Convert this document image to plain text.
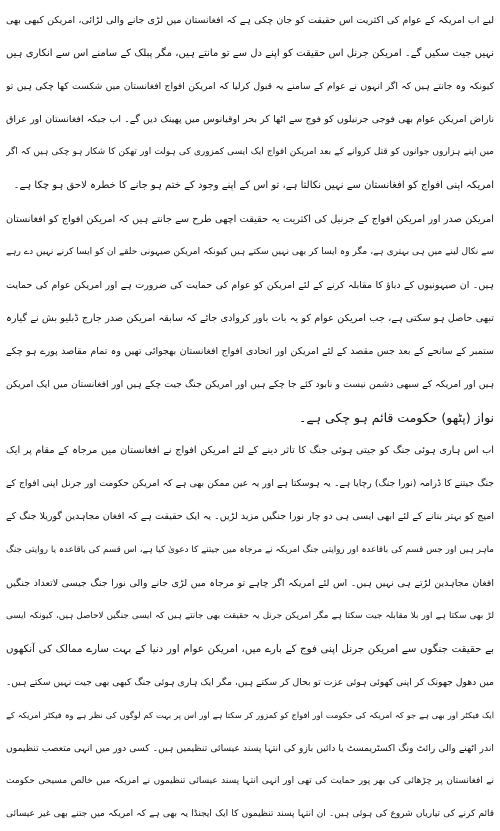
لیے اب امریکہ کے عوام کی اکثریت اس حقیقت کو جان چکی ہے کہ افغانستان میں لڑی جانے والی لڑائی، امریکن کبھی بھی
نہیں جیت سکیں گے۔ امریکن جرنل اس حقیقت کو اپنے دل سے تو مانتے ہیں، مگر پبلک کے سامنے اس سے انکاری ہیں
کیونکہ وہ جانتے ہیں کہ اگر انہوں نے عوام کے سامنے یہ قبول کرلیا کہ امریکن افواج افغانستان میں شکست کھا چکی ہیں تو
ناراض امریکن عوام بھی فوجی جرنیلوں کو فوج سے اٹھا کر بحر اوقیانوس میں پھینک دیں گے۔ اب جبکہ افغانستان اور عراق
میں اپنے ہزاروں جوانوں کو قتل کروانے کے بعد امریکن افواج ایک ایسی کمزوری کی ہولت اور تھکن کا شکار ہو چکی ہیں کہ اگر
امریکہ اپنی افواج کو افغانستان سے نہیں نکالتا ہے، تو اس کے اپنے وجود کے ختم ہو جانے کا خطرہ لاحق ہو چکا ہے۔
امریکن صدر اور امریکن افواج کے جرنیل کی اکثریت یہ حقیقت اچھی طرح سے جانتے ہیں کہ امریکن افواج کو افغانستان
سے نکال لینے میں ہی بہتری ہے، مگر وہ ایسا کر بھی نہیں سکتے ہیں کیونکہ امریکن صیہونی حلقے ان کو ایسا کرنے نہیں دے رہے
ہیں۔ ان صیہونیوں کے دباؤ کا مقابلہ کرنے کے لئے امریکن کو عوام کی حمایت کی ضرورت ہے اور امریکن عوام کی حمایت
تبھی حاصل ہو سکتی ہے، جب امریکن عوام کو یہ بات باور کروادی جائے کہ سابقہ امریکن صدر جارج ڈبلیو بش نے گیارہ
ستمبر کے سانحے کے بعد جس مقصد کے لئے امریکن اور اتحادی افواج افغانستان بھجوائی تھیں وہ تمام مقاصد پورے ہو چکے
ہیں اور امریکہ کے سبھی دشمن نیست و نابود کئے جا چکے ہیں اور امریکن جنگ جیت چکے ہیں اور افغانستان میں ایک امریکن
نواز (پٹھو) حکومت قائم ہو چکی ہے۔
اب اس ہاری ہوئی جنگ کو جیتی ہوئی جنگ کا تاثر دینے کے لئے امریکن افواج نے افغانستان میں مرجاہ کے مقام پر ایک
جنگ جیتنے کا ڈرامہ (نورا جنگ) رچایا ہے۔ یہ ہوسکتا ہے اور یہ عین ممکن بھی ہے کہ امریکن حکومت اور جرنل اپنی افواج کے
امیج کو بہتر بنانے کے لئے ابھی ایسی ہی دو چار نورا جنگیں مزید لڑیں۔ یہ ایک حقیقت ہے کہ افغان مجاہدین گوریلا جنگ کے
ماہر ہیں اور جس قسم کی باقاعدہ اور روایتی جنگ امریکہ نے مرجاہ میں جیتنے کا دعویٰ کیا ہے، اس قسم کی باقاعدہ یا روایتی جنگ
افغان مجاہدین لڑتے ہی نہیں ہیں۔ اس لئے امریکہ اگر چاہے تو مرجاہ میں لڑی جانے والی نورا جنگ جیسی لاتعداد جنگیں
لڑ بھی سکتا ہے اور بلا مقابلہ جیت سکتا ہے مگر امریکن جرنل یہ حقیقت بھی جانتے ہیں کہ ایسی جنگیں لاحاصل ہیں، کیونکہ ایسی
بے حقیقت جنگوں سے امریکن جرنل اپنی فوج کے بارے میں، امریکن عوام اور دنیا کے بہت سارے ممالک کی آنکھوں
میں دھول جھونک کر اپنی کھوئی ہوئی عزت تو بحال کر سکتے ہیں، مگر ایک ہاری ہوئی جنگ کبھی بھی جیت نہیں سکتے ہیں۔
ایک فیکٹر اور بھی ہے جو کہ امریکہ کی حکومت اور افواج کو کمزور کر سکتا ہے اور اس پر بہت کم لوگوں کی نظر ہے وہ فیکٹر امریکہ کے
اندر اٹھنے والی رائٹ ونگ اکسٹریمسٹ یا دائیں بازو کی انتہا پسند عیسائی تنظیمیں ہیں۔ کسی دور میں انہی متعصب تنظیموں
نے افغانستان پر چڑھائی کی بھر پور حمایت کی تھی اور انہی انتہا پسند عیسائی تنظیموں نے امریکہ میں خالص مسیحی حکومت
قائم کرنے کی تیاریاں شروع کی ہوئی ہیں۔ ان انتہا پسند تنظیموں کا ایک ایجنڈا یہ بھی ہے کہ امریکہ میں جتنے بھی غیر عیسائی
